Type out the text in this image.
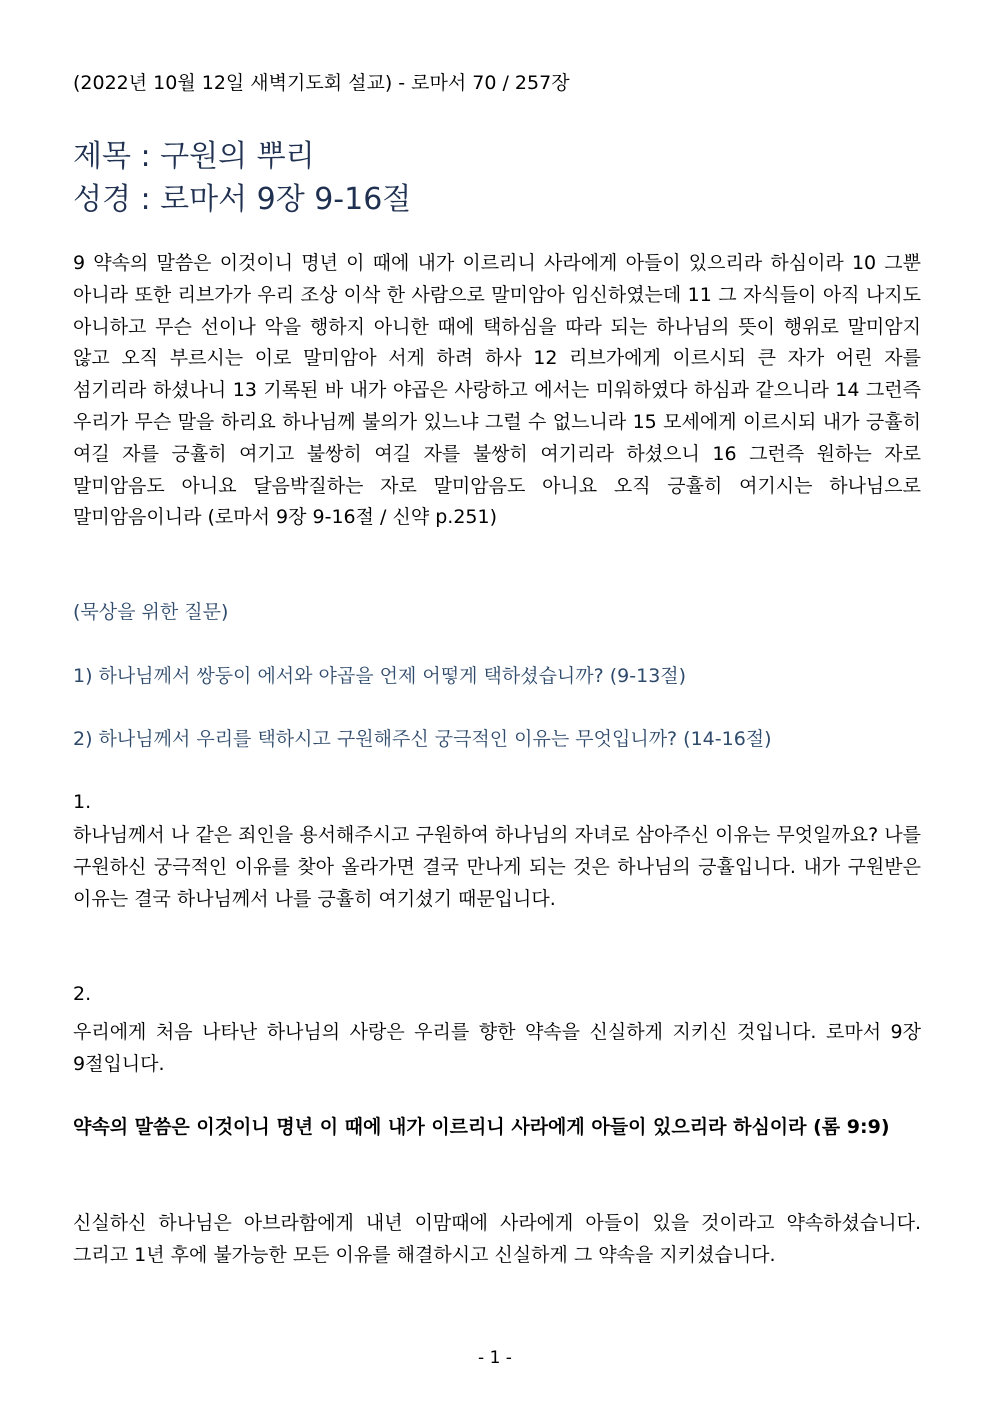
(2022년 10월 12일 새벽기도회 설교) - 로마서 70 / 257장
제목 : 구원의 뿌리
성경 : 로마서 9장 9-16절
9 약속의 말씀은 이것이니 명년 이 때에 내가 이르리니 사라에게 아들이 있으리라 하심이라 10 그뿐 아니라 또한 리브가가 우리 조상 이삭 한 사람으로 말미암아 임신하였는데 11 그 자식들이 아직 나지도 아니하고 무슨 선이나 악을 행하지 아니한 때에 택하심을 따라 되는 하나님의 뜻이 행위로 말미암지 않고 오직 부르시는 이로 말미암아 서게 하려 하사 12 리브가에게 이르시되 큰 자가 어린 자를 섬기리라 하셨나니 13 기록된 바 내가 야곱은 사랑하고 에서는 미워하였다 하심과 같으니라 14 그런즉 우리가 무슨 말을 하리요 하나님께 불의가 있느냐 그럴 수 없느니라 15 모세에게 이르시되 내가 긍휼히 여길 자를 긍휼히 여기고 불쌍히 여길 자를 불쌍히 여기리라 하셨으니 16 그런즉 원하는 자로 말미암음도 아니요 달음박질하는 자로 말미암음도 아니요 오직 긍휼히 여기시는 하나님으로 말미암음이니라 (로마서 9장 9-16절 / 신약 p.251)
(묵상을 위한 질문)
1) 하나님께서 쌍둥이 에서와 야곱을 언제 어떻게 택하셨습니까? (9-13절)
2) 하나님께서 우리를 택하시고 구원해주신 궁극적인 이유는 무엇입니까? (14-16절)
1.
하나님께서 나 같은 죄인을 용서해주시고 구원하여 하나님의 자녀로 삼아주신 이유는 무엇일까요? 나를 구원하신 궁극적인 이유를 찾아 올라가면 결국 만나게 되는 것은 하나님의 긍휼입니다. 내가 구원받은 이유는 결국 하나님께서 나를 긍휼히 여기셨기 때문입니다.
2.
우리에게 처음 나타난 하나님의 사랑은 우리를 향한 약속을 신실하게 지키신 것입니다. 로마서 9장 9절입니다.
약속의 말씀은 이것이니 명년 이 때에 내가 이르리니 사라에게 아들이 있으리라 하심이라 (롬 9:9)
신실하신 하나님은 아브라함에게 내년 이맘때에 사라에게 아들이 있을 것이라고 약속하셨습니다. 그리고 1년 후에 불가능한 모든 이유를 해결하시고 신실하게 그 약속을 지키셨습니다.
- 1 -
